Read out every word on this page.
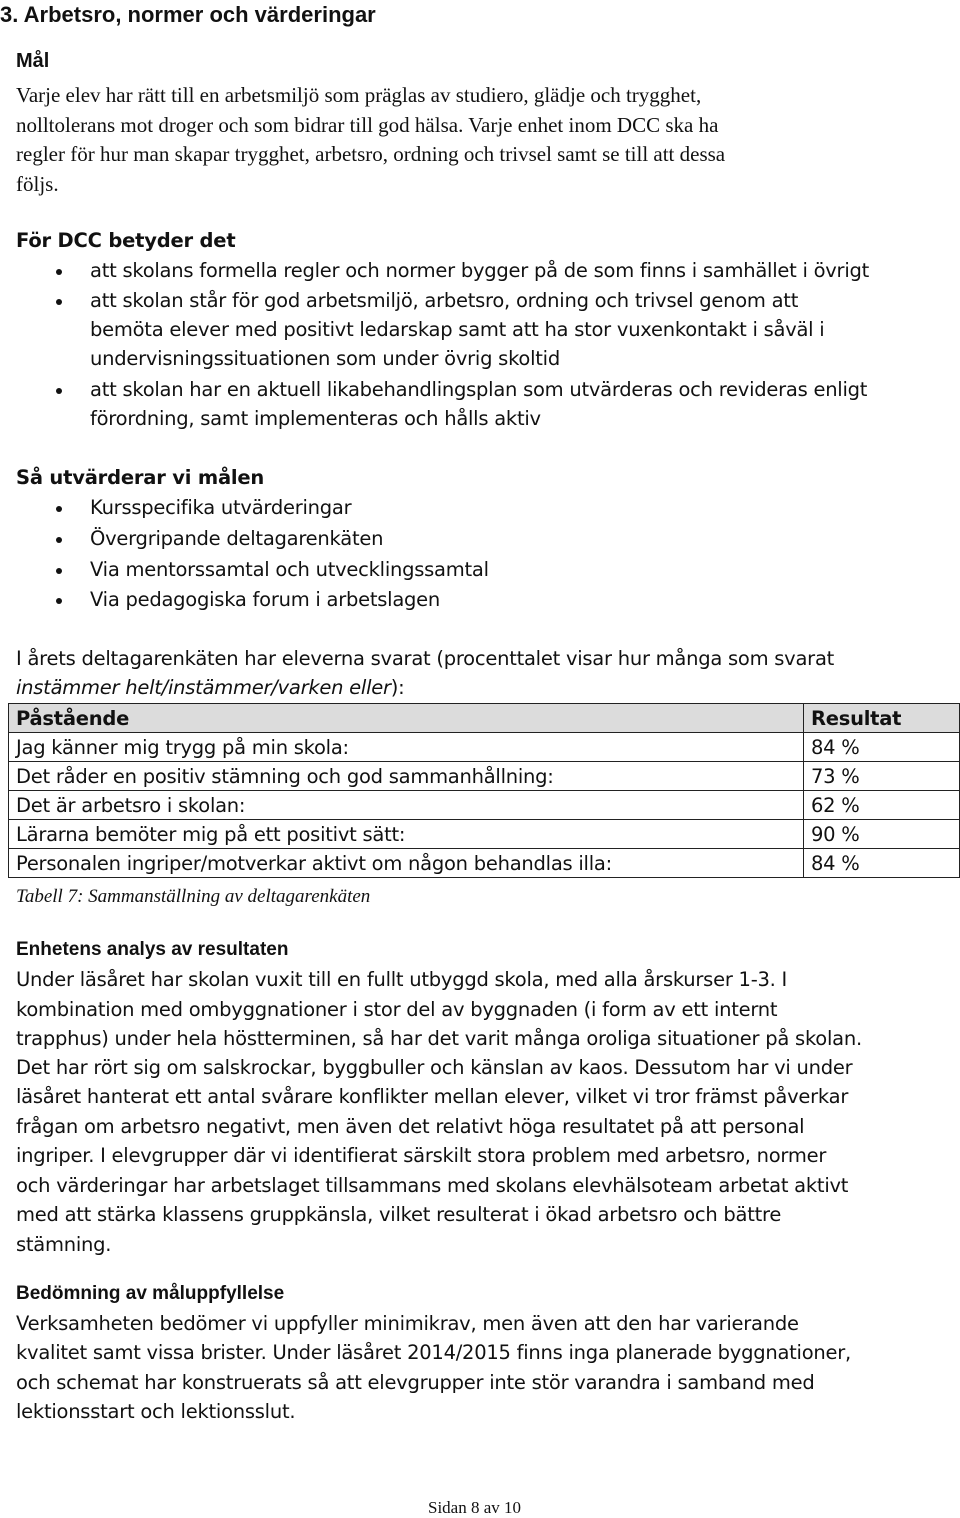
3. Arbetsro, normer och värderingar
Mål
Varje elev har rätt till en arbetsmiljö som präglas av studiero, glädje och trygghet,
nolltolerans mot droger och som bidrar till god hälsa. Varje enhet inom DCC ska ha
regler för hur man skapar trygghet, arbetsro, ordning och trivsel samt se till att dessa
följs.
För DCC betyder det
att skolans formella regler och normer bygger på de som finns i samhället i övrigt
att skolan står för god arbetsmiljö, arbetsro, ordning och trivsel genom att
bemöta elever med positivt ledarskap samt att ha stor vuxenkontakt i såväl i
undervisningssituationen som under övrig skoltid
att skolan har en aktuell likabehandlingsplan som utvärderas och revideras enligt
förordning, samt implementeras och hålls aktiv
Så utvärderar vi målen
Kursspecifika utvärderingar
Övergripande deltagarenkäten
Via mentorssamtal och utvecklingssamtal
Via pedagogiska forum i arbetslagen
I årets deltagarenkäten har eleverna svarat (procenttalet visar hur många som svarat
instämmer helt/instämmer/varken eller):
Påstående	Resultat
Jag känner mig trygg på min skola:	84 %
Det råder en positiv stämning och god sammanhållning:	73 %
Det är arbetsro i skolan:	62 %
Lärarna bemöter mig på ett positivt sätt:	90 %
Personalen ingriper/motverkar aktivt om någon behandlas illa:	84 %
Tabell 7: Sammanställning av deltagarenkäten
Enhetens analys av resultaten
Under läsåret har skolan vuxit till en fullt utbyggd skola, med alla årskurser 1-3. I
kombination med ombyggnationer i stor del av byggnaden (i form av ett internt
trapphus) under hela höstterminen, så har det varit många oroliga situationer på skolan.
Det har rört sig om salskrockar, byggbuller och känslan av kaos. Dessutom har vi under
läsåret hanterat ett antal svårare konflikter mellan elever, vilket vi tror främst påverkar
frågan om arbetsro negativt, men även det relativt höga resultatet på att personal
ingriper. I elevgrupper där vi identifierat särskilt stora problem med arbetsro, normer
och värderingar har arbetslaget tillsammans med skolans elevhälsoteam arbetat aktivt
med att stärka klassens gruppkänsla, vilket resulterat i ökad arbetsro och bättre
stämning.
Bedömning av måluppfyllelse
Verksamheten bedömer vi uppfyller minimikrav, men även att den har varierande
kvalitet samt vissa brister. Under läsåret 2014/2015 finns inga planerade byggnationer,
och schemat har konstruerats så att elevgrupper inte stör varandra i samband med
lektionsstart och lektionsslut.
Sidan 8 av 10
